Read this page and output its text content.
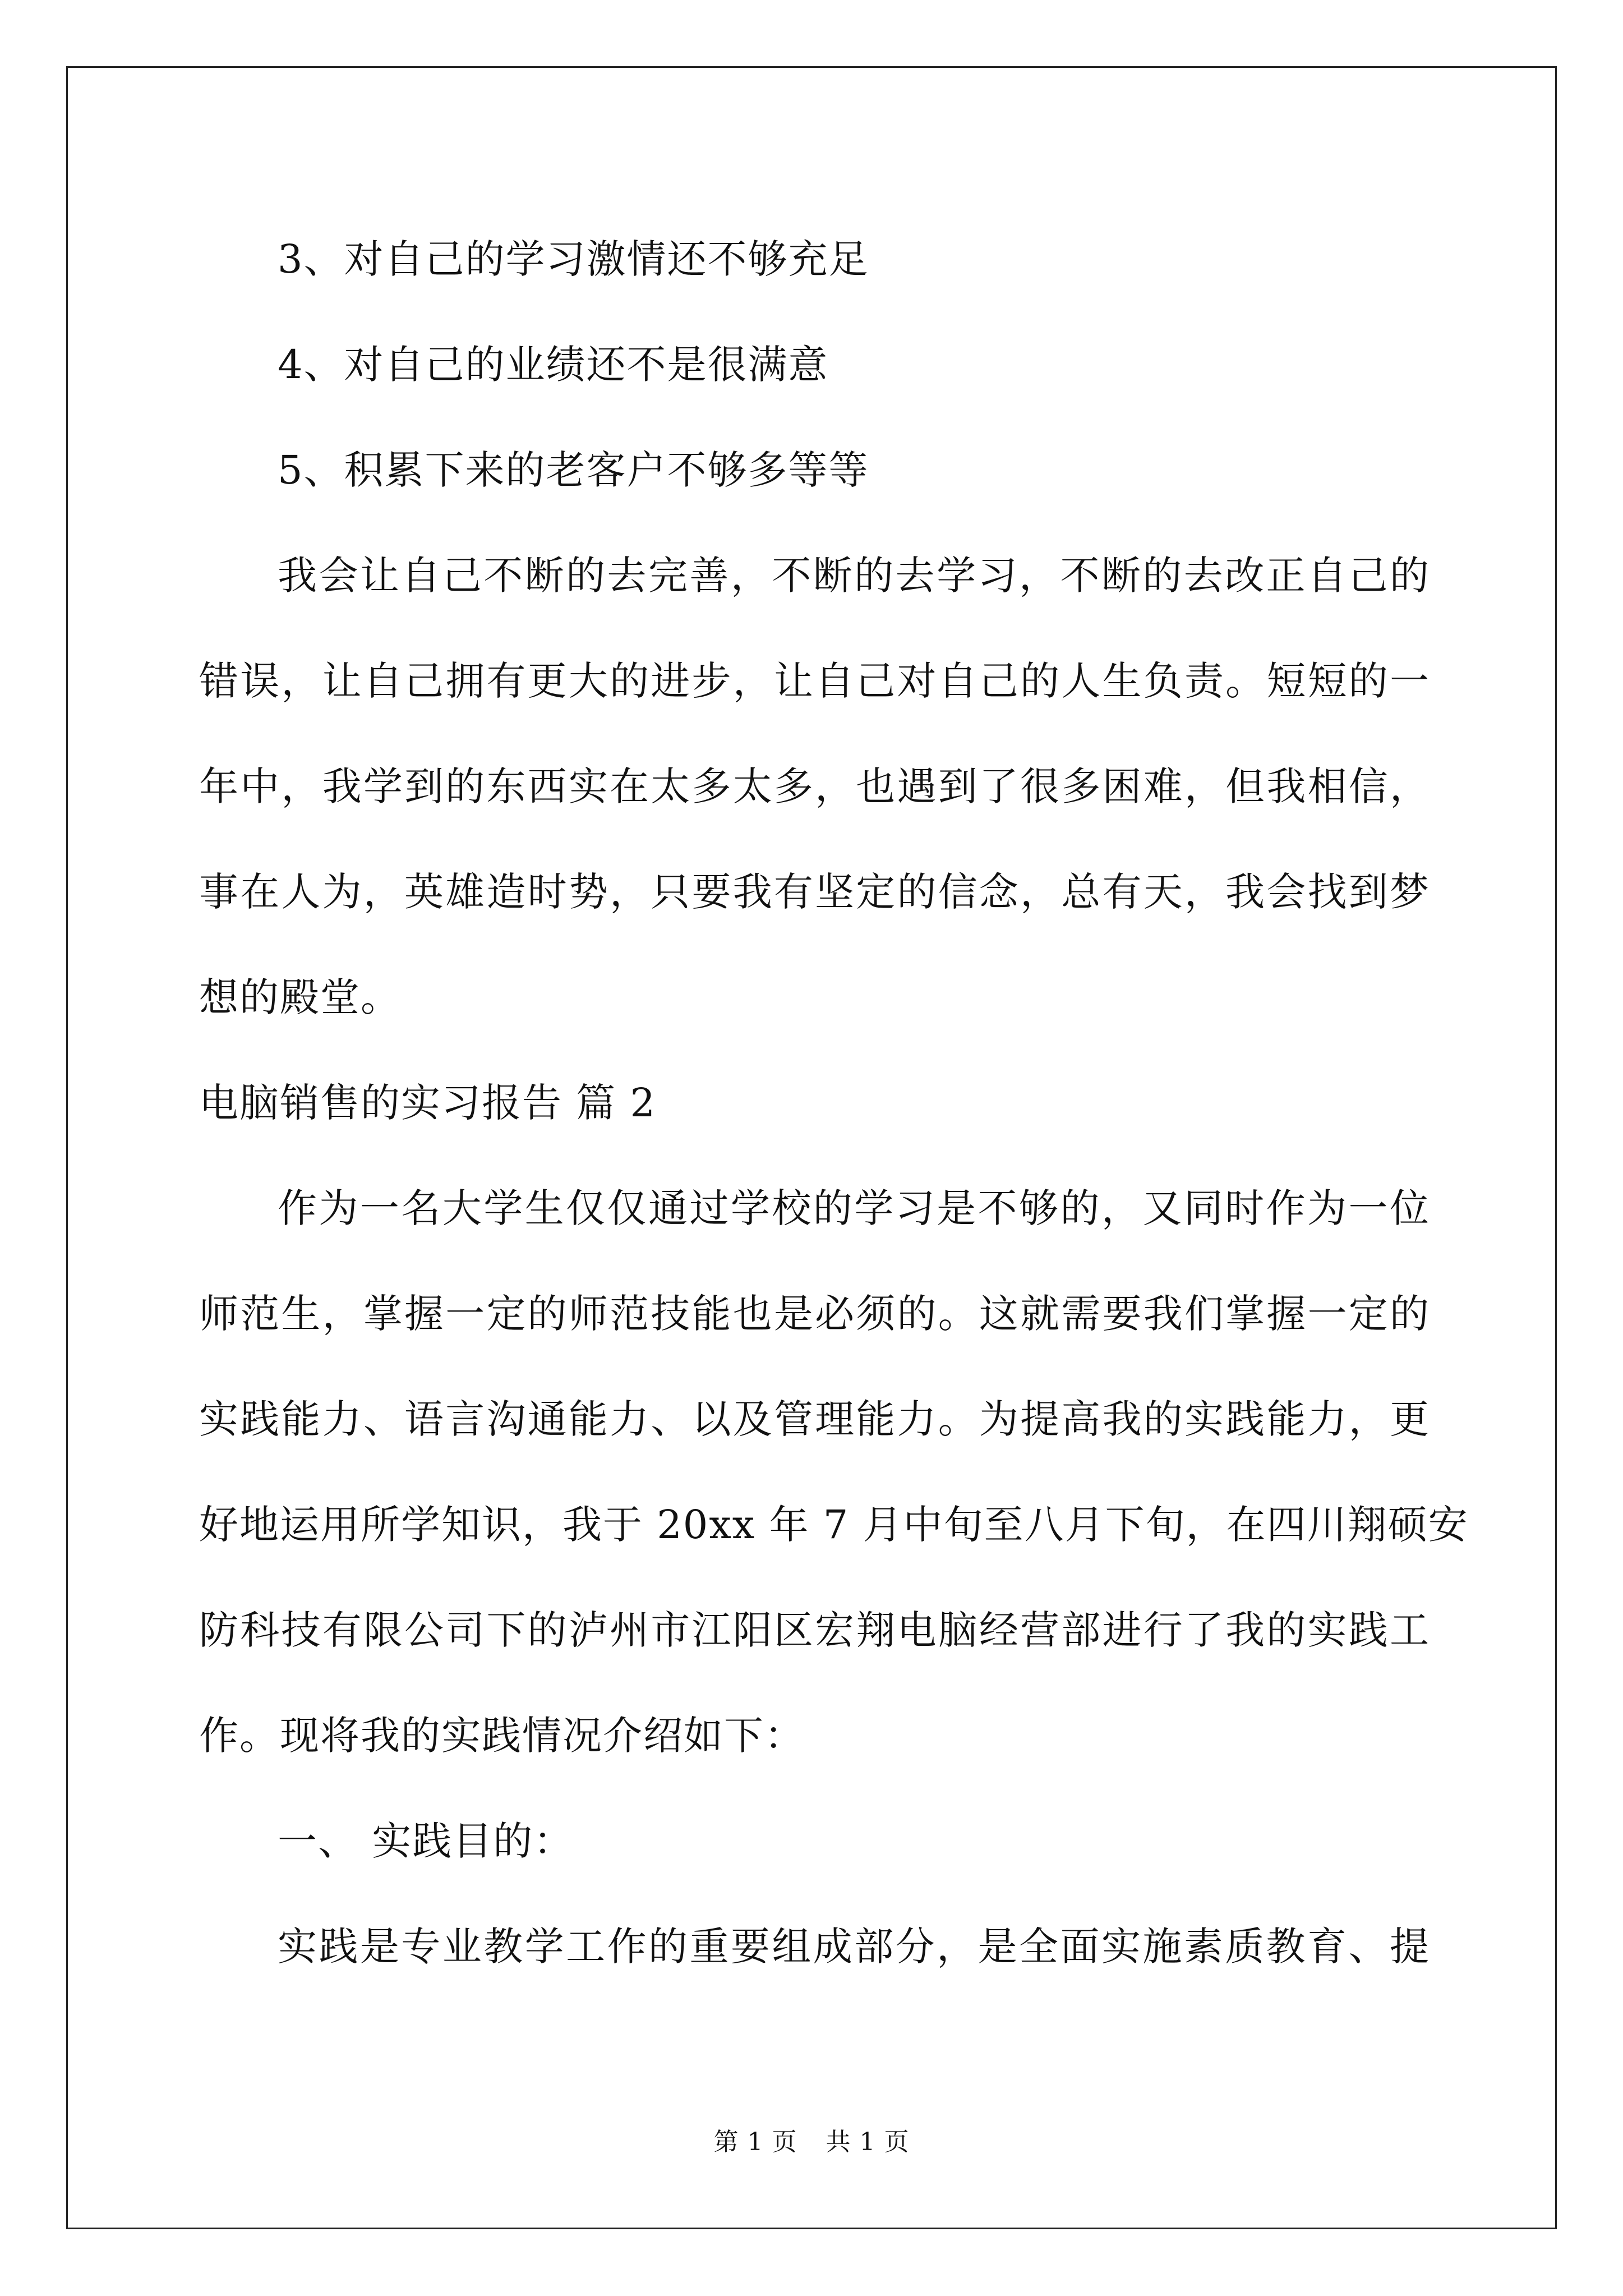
3、对自己的学习激情还不够充足
4、对自己的业绩还不是很满意
5、积累下来的老客户不够多等等
我会让自己不断的去完善，不断的去学习，不断的去改正自己的
错误，让自己拥有更大的进步，让自己对自己的人生负责。短短的一
年中，我学到的东西实在太多太多，也遇到了很多困难，但我相信，
事在人为，英雄造时势，只要我有坚定的信念，总有天，我会找到梦
想的殿堂。
电脑销售的实习报告 篇 2
作为一名大学生仅仅通过学校的学习是不够的，又同时作为一位
师范生，掌握一定的师范技能也是必须的。这就需要我们掌握一定的
实践能力、语言沟通能力、以及管理能力。为提高我的实践能力，更
好地运用所学知识，我于 20xx 年 7 月中旬至八月下旬，在四川翔硕安
防科技有限公司下的泸州市江阳区宏翔电脑经营部进行了我的实践工
作。现将我的实践情况介绍如下：
一、 实践目的：
实践是专业教学工作的重要组成部分，是全面实施素质教育、提
第 1 页 共 1 页
